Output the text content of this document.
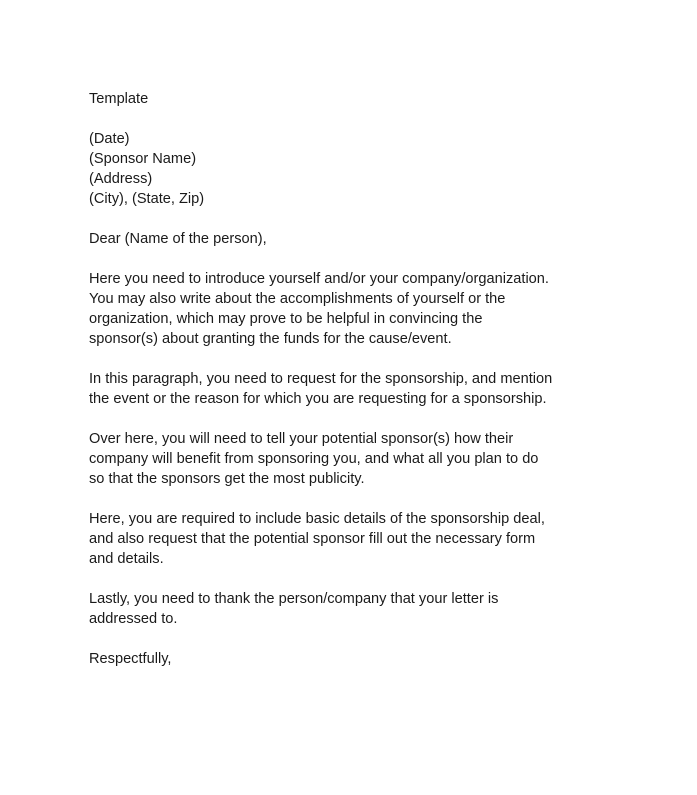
Template
(Date)
(Sponsor Name)
(Address)
(City), (State, Zip)
Dear (Name of the person),
Here you need to introduce yourself and/or your company/organization.
You may also write about the accomplishments of yourself or the
organization, which may prove to be helpful in convincing the
sponsor(s) about granting the funds for the cause/event.
In this paragraph, you need to request for the sponsorship, and mention
the event or the reason for which you are requesting for a sponsorship.
Over here, you will need to tell your potential sponsor(s) how their
company will benefit from sponsoring you, and what all you plan to do
so that the sponsors get the most publicity.
Here, you are required to include basic details of the sponsorship deal,
and also request that the potential sponsor fill out the necessary form
and details.
Lastly, you need to thank the person/company that your letter is
addressed to.
Respectfully,
